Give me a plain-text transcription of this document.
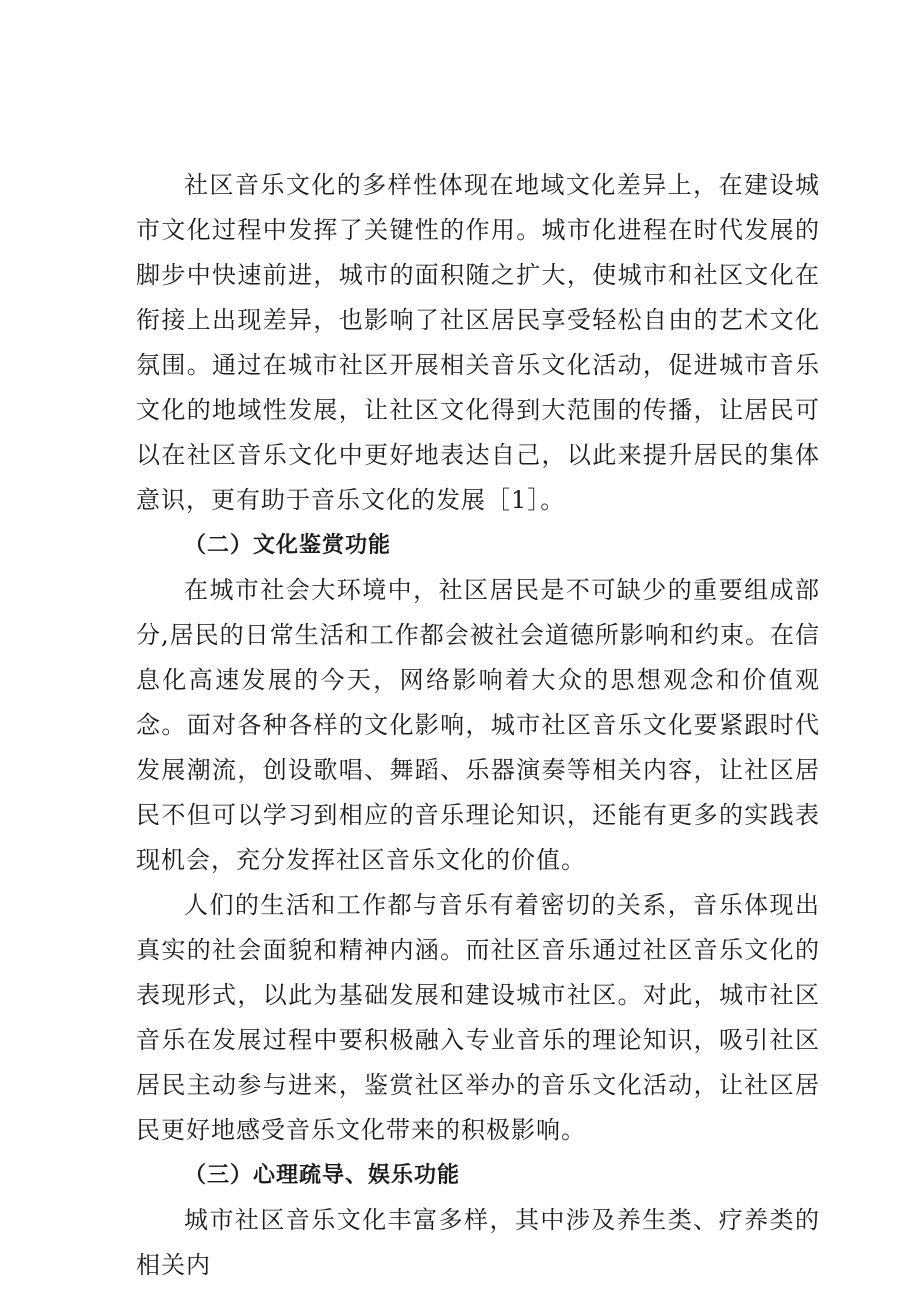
社区音乐文化的多样性体现在地域文化差异上，在建设城市文化过程中发挥了关键性的作用。城市化进程在时代发展的脚步中快速前进，城市的面积随之扩大，使城市和社区文化在衔接上出现差异，也影响了社区居民享受轻松自由的艺术文化氛围。通过在城市社区开展相关音乐文化活动，促进城市音乐文化的地域性发展，让社区文化得到大范围的传播，让居民可以在社区音乐文化中更好地表达自己，以此来提升居民的集体意识，更有助于音乐文化的发展［1］。

（二）文化鉴赏功能

在城市社会大环境中，社区居民是不可缺少的重要组成部分,居民的日常生活和工作都会被社会道德所影响和约束。在信息化高速发展的今天，网络影响着大众的思想观念和价值观念。面对各种各样的文化影响，城市社区音乐文化要紧跟时代发展潮流，创设歌唱、舞蹈、乐器演奏等相关内容，让社区居民不但可以学习到相应的音乐理论知识，还能有更多的实践表现机会，充分发挥社区音乐文化的价值。

人们的生活和工作都与音乐有着密切的关系，音乐体现出真实的社会面貌和精神内涵。而社区音乐通过社区音乐文化的表现形式，以此为基础发展和建设城市社区。对此，城市社区音乐在发展过程中要积极融入专业音乐的理论知识，吸引社区居民主动参与进来，鉴赏社区举办的音乐文化活动，让社区居民更好地感受音乐文化带来的积极影响。

（三）心理疏导、娱乐功能

城市社区音乐文化丰富多样，其中涉及养生类、疗养类的相关内
